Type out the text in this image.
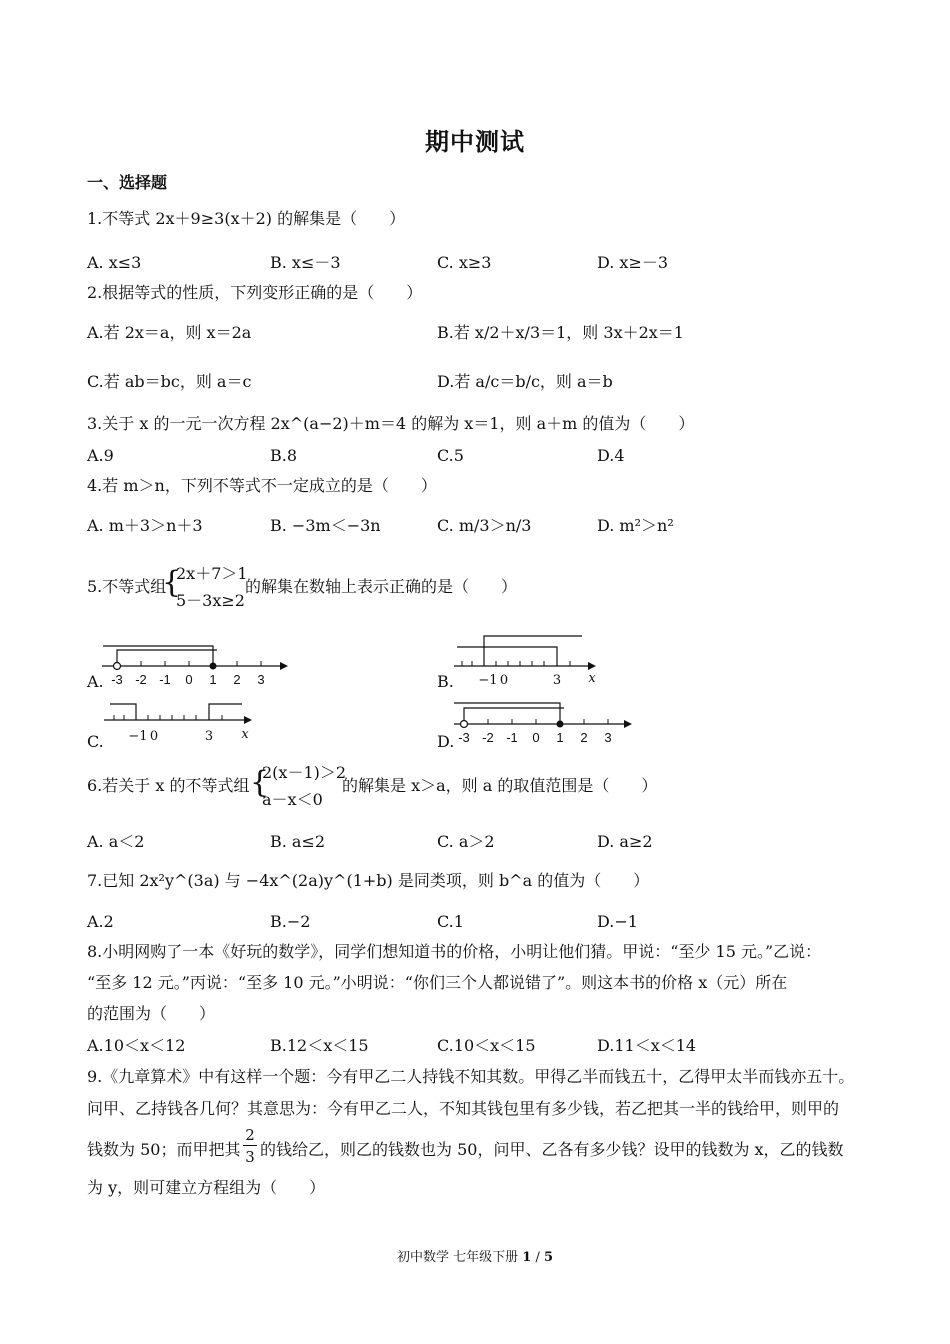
期中测试
一、选择题
1.不等式 2x＋9≥3(x＋2) 的解集是（　　）
A. x≤3	B. x≤－3	C. x≥3	D. x≥－3
2.根据等式的性质，下列变形正确的是（　　）
A.若 2x＝a，则 x＝2a	B.若 x/2＋x/3＝1，则 3x＋2x＝1
C.若 ab＝bc，则 a＝c	D.若 a/c＝b/c，则 a＝b
3.关于 x 的一元一次方程 2x^(a−2)＋m＝4 的解为 x＝1，则 a＋m 的值为（　　）
A.9	B.8	C.5	D.4
4.若 m＞n，下列不等式不一定成立的是（　　）
A. m＋3＞n＋3	B. −3m＜−3n	C. m/3＞n/3	D. m²＞n²
5.不等式组
{
2x＋7＞1
5－3x≥2
的解集在数轴上表示正确的是（　　）
A.	B.
C.	D.
-3 -2 -1 0 1 2 3	−1 0	3 x
−1 0	3 x	-3 -2 -1 0 1 2 3
6.若关于 x 的不等式组 {
2(x－1)＞2
a－x＜0
的解集是 x＞a，则 a 的取值范围是（　　）
A. a＜2	B. a≤2	C. a＞2	D. a≥2
7.已知 2x²y^(3a) 与 −4x^(2a)y^(1+b) 是同类项，则 b^a 的值为（　　）
A.2	B.−2	C.1	D.−1
8.小明网购了一本《好玩的数学》，同学们想知道书的价格，小明让他们猜。甲说：“至少 15 元。”乙说：
“至多 12 元。”丙说：“至多 10 元。”小明说：“你们三个人都说错了”。则这本书的价格 x（元）所在
的范围为（　　）
A.10＜x＜12	B.12＜x＜15	C.10＜x＜15	D.11＜x＜14
9.《九章算术》中有这样一个题：今有甲乙二人持钱不知其数。甲得乙半而钱五十，乙得甲太半而钱亦五十。
问甲、乙持钱各几何？其意思为：今有甲乙二人，不知其钱包里有多少钱，若乙把其一半的钱给甲，则甲的
钱数为 50；而甲把其
2
3 的钱给乙，则乙的钱数也为 50，问甲、乙各有多少钱？设甲的钱数为 x，乙的钱数
为 y，则可建立方程组为（　　）
初中数学 七年级下册 1 / 5
